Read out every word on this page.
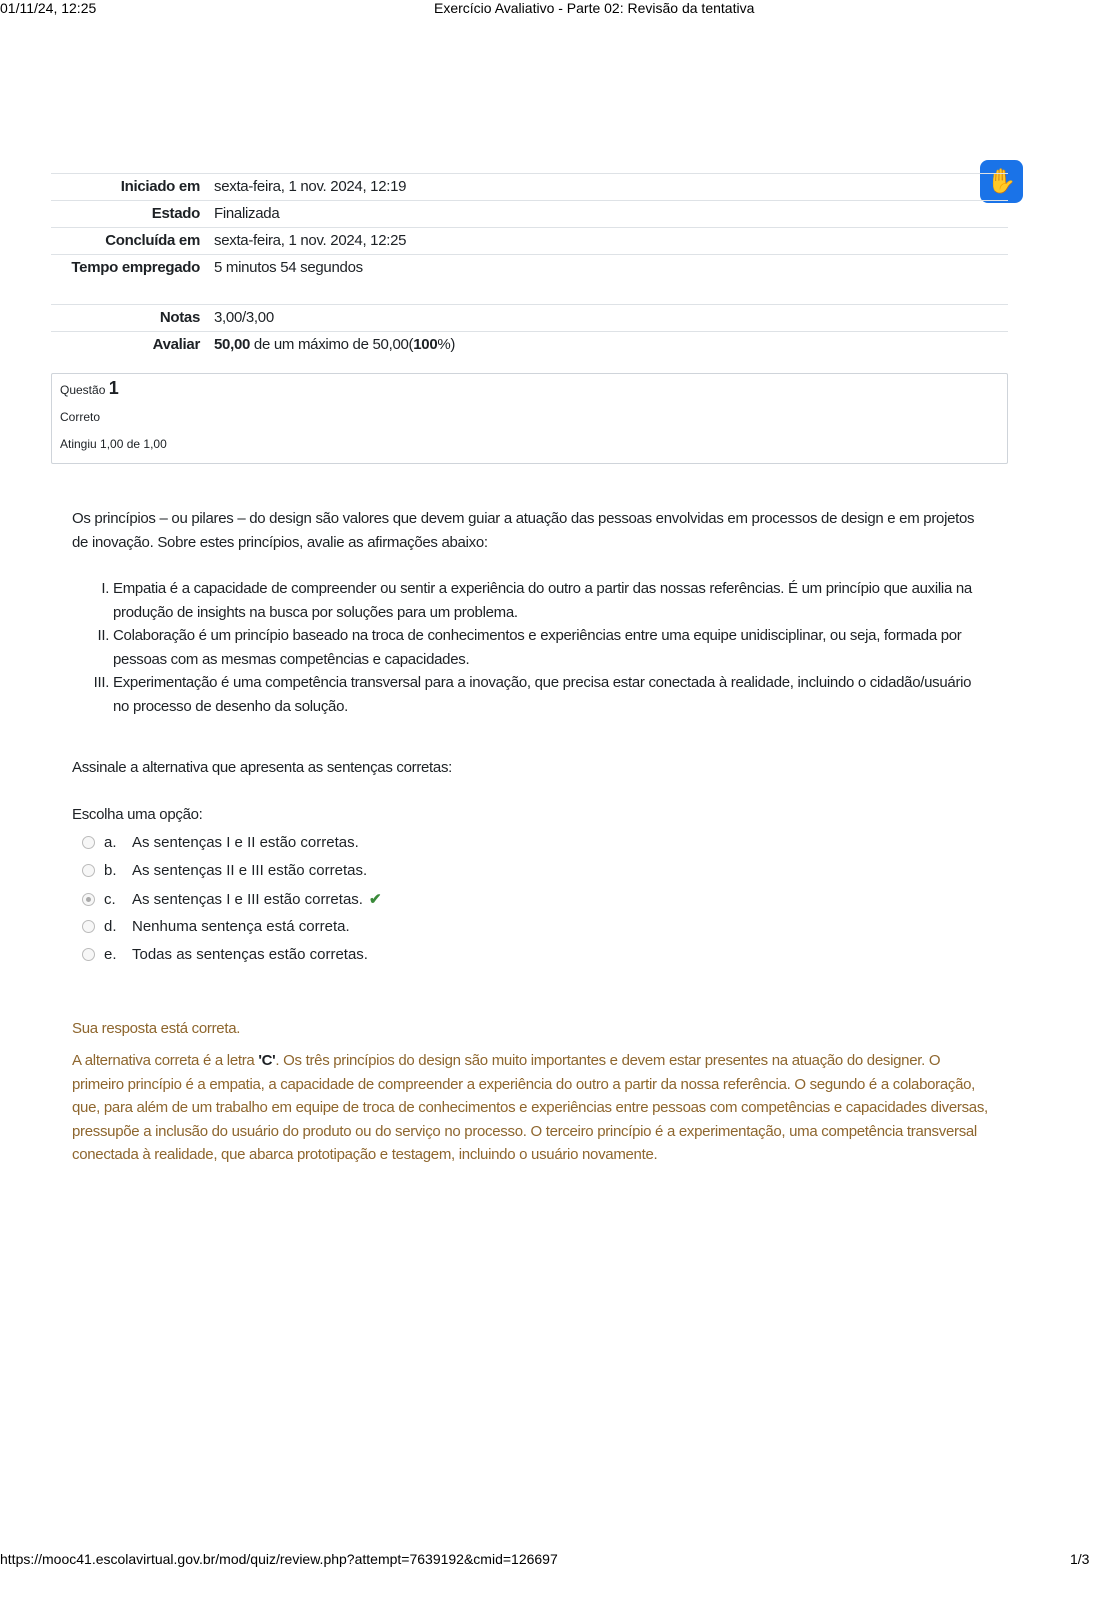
01/11/24, 12:25	Exercício Avaliativo - Parte 02: Revisão da tentativa
✋
Iniciado em	sexta-feira, 1 nov. 2024, 12:19
Estado	Finalizada
Concluída em	sexta-feira, 1 nov. 2024, 12:25
Tempo empregado	5 minutos 54 segundos
Notas	3,00/3,00
Avaliar	50,00 de um máximo de 50,00(100%)
Questão 1
Correto
Atingiu 1,00 de 1,00
Os princípios – ou pilares – do design são valores que devem guiar a atuação das pessoas envolvidas em processos de design e em projetos de inovação. Sobre estes princípios, avalie as afirmações abaixo:
I. Empatia é a capacidade de compreender ou sentir a experiência do outro a partir das nossas referências. É um princípio que auxilia na produção de insights na busca por soluções para um problema.
II. Colaboração é um princípio baseado na troca de conhecimentos e experiências entre uma equipe unidisciplinar, ou seja, formada por pessoas com as mesmas competências e capacidades.
III. Experimentação é uma competência transversal para a inovação, que precisa estar conectada à realidade, incluindo o cidadão/usuário no processo de desenho da solução.
Assinale a alternativa que apresenta as sentenças corretas:
Escolha uma opção:
a.	As sentenças I e II estão corretas.
b.	As sentenças II e III estão corretas.
c.	As sentenças I e III estão corretas. ✔
d.	Nenhuma sentença está correta.
e.	Todas as sentenças estão corretas.
Sua resposta está correta.
A alternativa correta é a letra 'C'. Os três princípios do design são muito importantes e devem estar presentes na atuação do designer. O primeiro princípio é a empatia, a capacidade de compreender a experiência do outro a partir da nossa referência. O segundo é a colaboração, que, para além de um trabalho em equipe de troca de conhecimentos e experiências entre pessoas com competências e capacidades diversas, pressupõe a inclusão do usuário do produto ou do serviço no processo. O terceiro princípio é a experimentação, uma competência transversal conectada à realidade, que abarca prototipação e testagem, incluindo o usuário novamente.
https://mooc41.escolavirtual.gov.br/mod/quiz/review.php?attempt=7639192&cmid=126697	1/3
